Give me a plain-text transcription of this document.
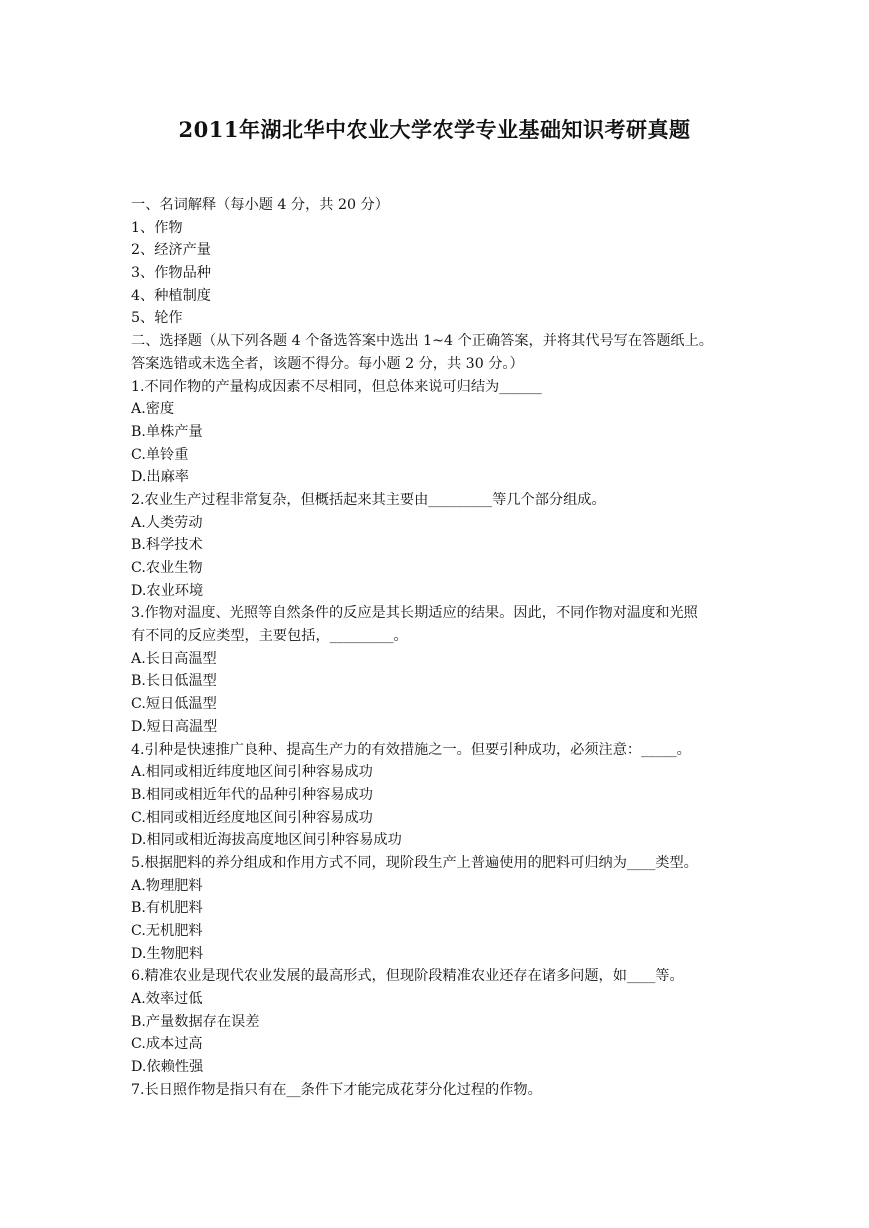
2011年湖北华中农业大学农学专业基础知识考研真题
一、名词解释（每小题 4 分，共 20 分）
1、作物
2、经济产量
3、作物品种
4、种植制度
5、轮作
二、选择题（从下列各题 4 个备选答案中选出 1~4 个正确答案，并将其代号写在答题纸上。
答案选错或未选全者，该题不得分。每小题 2 分，共 30 分。）
1.不同作物的产量构成因素不尽相同，但总体来说可归结为______
A.密度
B.单株产量
C.单铃重
D.出麻率
2.农业生产过程非常复杂，但概括起来其主要由_________等几个部分组成。
A.人类劳动
B.科学技术
C.农业生物
D.农业环境
3.作物对温度、光照等自然条件的反应是其长期适应的结果。因此，不同作物对温度和光照
有不同的反应类型，主要包括，_________。
A.长日高温型
B.长日低温型
C.短日低温型
D.短日高温型
4.引种是快速推广良种、提高生产力的有效措施之一。但要引种成功，必须注意：_____。
A.相同或相近纬度地区间引种容易成功
B.相同或相近年代的品种引种容易成功
C.相同或相近经度地区间引种容易成功
D.相同或相近海拔高度地区间引种容易成功
5.根据肥料的养分组成和作用方式不同，现阶段生产上普遍使用的肥料可归纳为____类型。
A.物理肥料
B.有机肥料
C.无机肥料
D.生物肥料
6.精准农业是现代农业发展的最高形式，但现阶段精准农业还存在诸多问题，如____等。
A.效率过低
B.产量数据存在误差
C.成本过高
D.依赖性强
7.长日照作物是指只有在__条件下才能完成花芽分化过程的作物。
